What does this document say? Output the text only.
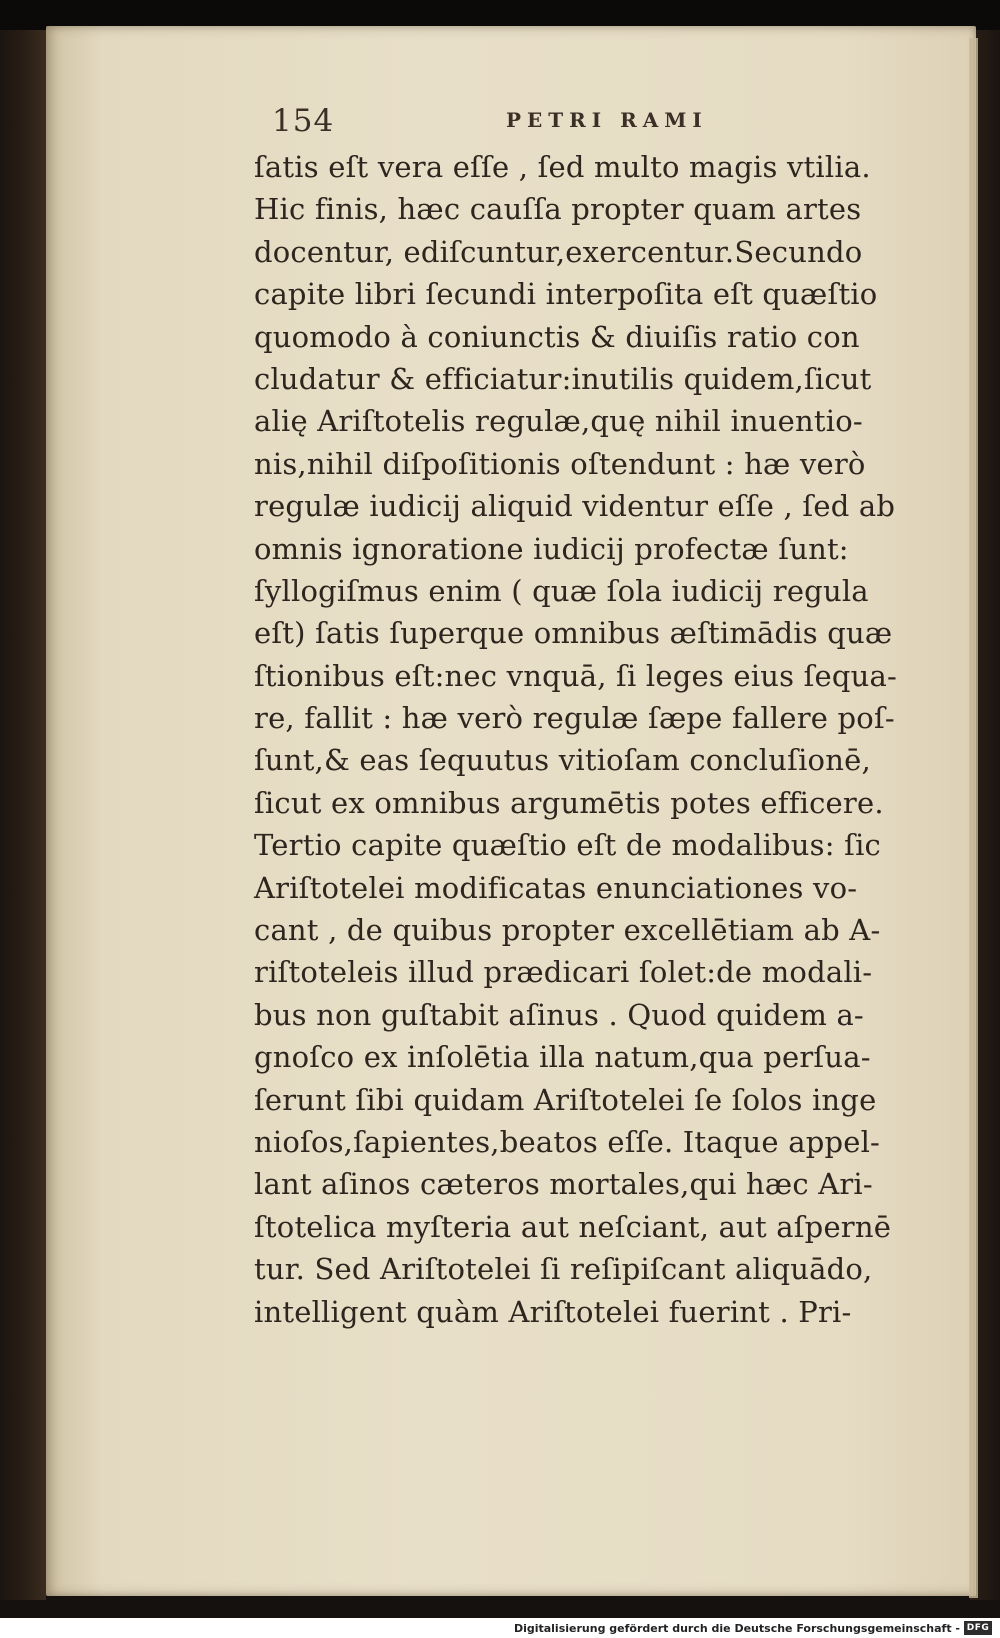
154	PETRI RAMI
ſatis eſt vera eſſe , ſed multo magis vtilia.
Hic finis, hæc cauſſa propter quam artes
docentur, ediſcuntur,exercentur.Secundo
capite libri ſecundi interpoſita eſt quæſtio
quomodo à coniunctis & diuiſis ratio con
cludatur & efficiatur:inutilis quidem,ſicut
alię Ariſtotelis regulæ,quę nihil inuentio-
nis,nihil diſpoſitionis oſtendunt : hæ verò
regulæ iudicij aliquid videntur eſſe , ſed ab
omnis ignoratione iudicij profectæ ſunt:
ſyllogiſmus enim ( quæ ſola iudicij regula
eſt) ſatis ſuperque omnibus æſtimādis quæ
ſtionibus eſt:nec vnquā, ſi leges eius ſequa-
re, fallit : hæ verò regulæ ſæpe fallere poſ-
ſunt,& eas ſequutus vitioſam concluſionē,
ſicut ex omnibus argumētis potes efficere.
Tertio capite quæſtio eſt de modalibus: ſic
Ariſtotelei modificatas enunciationes vo-
cant , de quibus propter excellētiam ab A-
riſtoteleis illud prædicari ſolet:de modali-
bus non guſtabit aſinus . Quod quidem a-
gnoſco ex inſolētia illa natum,qua perſua-
ſerunt ſibi quidam Ariſtotelei ſe ſolos inge
nioſos,ſapientes,beatos eſſe. Itaque appel-
lant aſinos cæteros mortales,qui hæc Ari-
ſtotelica myſteria aut neſciant, aut aſpernē
tur. Sed Ariſtotelei ſi reſipiſcant aliquādo,
intelligent quàm Ariſtotelei fuerint . Pri-
Digitalisierung gefördert durch die Deutsche Forschungsgemeinschaft - DFG
